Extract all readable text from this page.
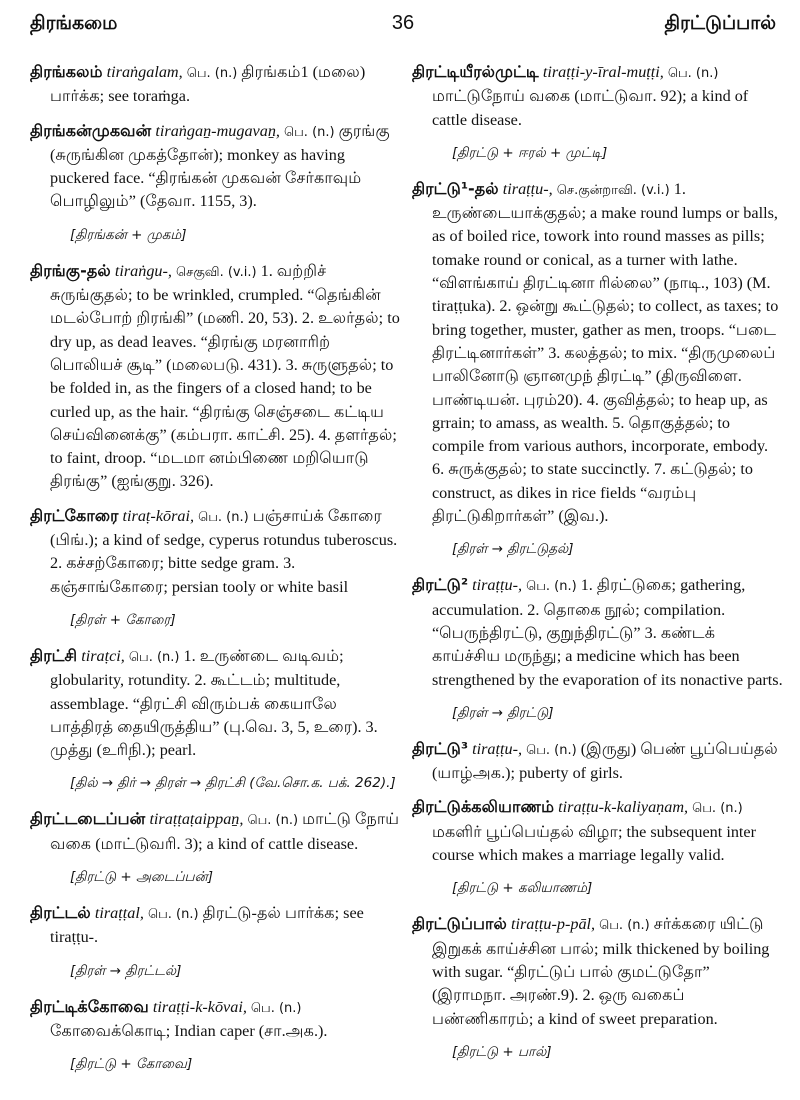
திரங்கமை	36	திரட்டுப்பால்
திரங்கலம் tiraṅgalam, பெ. (n.) திரங்கம்1 (மலை) பார்க்க; see toraṁga.
திரங்கன்முகவன் tiraṅgaṉ-mugavaṉ, பெ. (n.) குரங்கு (சுருங்கின முகத்தோன்); monkey as having puckered face. “திரங்கன் முகவன் சேர்காவும் பொழிலும்” (தேவா. 1155, 3).
[திரங்கன் + முகம்]
திரங்கு-தல் tiraṅgu-, செகுவி. (v.i.) 1. வற்றிச் சுருங்குதல்; to be wrinkled, crumpled. “தெங்கின் மடல்போற் றிரங்கி” (மணி. 20, 53). 2. உலர்தல்; to dry up, as dead leaves. “திரங்கு மரனாரிற் பொலியச் சூடி” (மலைபடு. 431). 3. சுருளுதல்; to be folded in, as the fingers of a closed hand; to be curled up, as the hair. “திரங்கு செஞ்சடை கட்டிய செய்வினைக்கு” (கம்பரா. காட்சி. 25). 4. தளர்தல்; to faint, droop. “மடமா னம்பிணை மறியொடு திரங்கு” (ஐங்குறு. 326).
திரட்கோரை tiraṭ-kōrai, பெ. (n.) பஞ்சாய்க் கோரை (பிங்.); a kind of sedge, cyperus rotundus tuberoscus. 2. கச்சற்கோரை; bitte sedge gram. 3. கஞ்சாங்கோரை; persian tooly or white basil
[திரள் + கோரை]
திரட்சி tiraṭci, பெ. (n.) 1. உருண்டை வடிவம்; globularity, rotundity. 2. கூட்டம்; multitude, assemblage. “திரட்சி விரும்பக் கையாலே பாத்திரத் தையிருத்திய” (பு.வெ. 3, 5, உரை). 3. முத்து (உரிநி.); pearl.
[தில் → திர் → திரள் → திரட்சி (வே.சொ.க. பக். 262).]
திரட்டடைப்பன் tiraṭṭaṭaippaṉ, பெ. (n.) மாட்டு நோய் வகை (மாட்டுவரி. 3); a kind of cattle disease.
[திரட்டு + அடைப்பன்]
திரட்டல் tiraṭṭal, பெ. (n.) திரட்டு-தல் பார்க்க; see tiraṭṭu-.
[திரள் → திரட்டல்]
திரட்டிக்கோவை tiraṭṭi-k-kōvai, பெ. (n.) கோவைக்கொடி; Indian caper (சா.அக.).
[திரட்டு + கோவை]
திரட்டியீரல்முட்டி tiraṭṭi-y-īral-muṭṭi, பெ. (n.) மாட்டுநோய் வகை (மாட்டுவா. 92); a kind of cattle disease.
[திரட்டு + ஈரல் + முட்டி]
திரட்டு¹-தல் tiraṭṭu-, செ.குன்றாவி. (v.i.) 1. உருண்டையாக்குதல்; a make round lumps or balls, as of boiled rice, towork into round masses as pills; tomake round or conical, as a turner with lathe. “விளங்காய் திரட்டினா ரில்லை” (நாடி., 103) (M. tiraṭṭuka). 2. ஒன்று கூட்டுதல்; to collect, as taxes; to bring together, muster, gather as men, troops. “படை திரட்டினார்கள்” 3. கலத்தல்; to mix. “திருமுலைப் பாலினோடு ஞானமுந் திரட்டி” (திருவிளை. பாண்டியன். புரம்20). 4. குவித்தல்; to heap up, as grrain; to amass, as wealth. 5. தொகுத்தல்; to compile from various authors, incorporate, embody. 6. சுருக்குதல்; to state succinctly. 7. கட்டுதல்; to construct, as dikes in rice fields “வரம்பு திரட்டுகிறார்கள்” (இவ.).
[திரள் → திரட்டுதல்]
திரட்டு² tiraṭṭu-, பெ. (n.) 1. திரட்டுகை; gathering, accumulation. 2. தொகை நூல்; compilation. “பெருந்திரட்டு, குறுந்திரட்டு” 3. கண்டக் காய்ச்சிய மருந்து; a medicine which has been strengthened by the evaporation of its nonactive parts.
[திரள் → திரட்டு]
திரட்டு³ tiraṭṭu-, பெ. (n.) (இருது) பெண் பூப்பெய்தல் (யாழ்அக.); puberty of girls.
திரட்டுக்கலியாணம் tiraṭṭu-k-kaliyaṇam, பெ. (n.) மகளிர் பூப்பெய்தல் விழா; the subsequent inter course which makes a marriage legally valid.
[திரட்டு + கலியாணம்]
திரட்டுப்பால் tiraṭṭu-p-pāl, பெ. (n.) சர்க்கரை யிட்டு இறுகக் காய்ச்சின பால்; milk thickened by boiling with sugar. “திரட்டுப் பால் குமட்டுதோ” (இராமநா. அரண்.9). 2. ஒரு வகைப் பண்ணிகாரம்; a kind of sweet preparation.
[திரட்டு + பால்]
